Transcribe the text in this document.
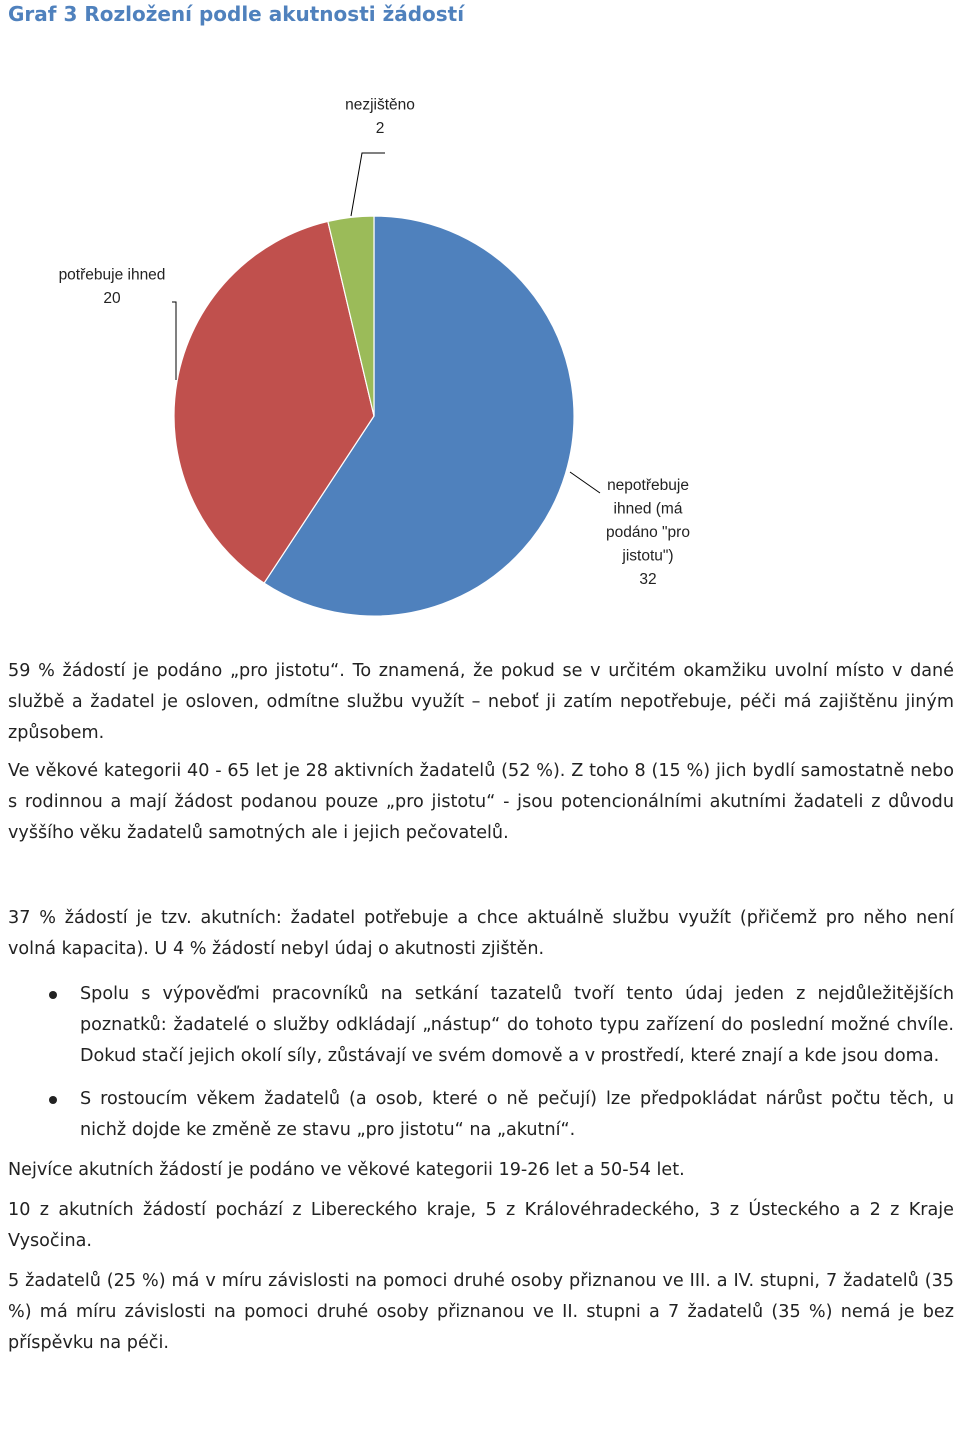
Graf 3 Rozložení podle akutnosti žádostí
nepotřebuje
ihned (má
podáno "pro
jistotu")
32
potřebuje ihned
20
nezjištěno
2

59 % žádostí je podáno „pro jistotu“. To znamená, že pokud se v určitém okamžiku uvolní místo v dané službě a žadatel je osloven, odmítne službu využít – neboť ji zatím nepotřebuje, péči má zajištěnu jiným způsobem.

Ve věkové kategorii 40 - 65 let je 28 aktivních žadatelů (52 %). Z toho 8 (15 %) jich bydlí samostatně nebo s rodinnou a mají žádost podanou pouze „pro jistotu“ - jsou potencionálními akutními žadateli z důvodu vyššího věku žadatelů samotných ale i jejich pečovatelů.

37 % žádostí je tzv. akutních: žadatel potřebuje a chce aktuálně službu využít (přičemž pro něho není volná kapacita). U 4 % žádostí nebyl údaj o akutnosti zjištěn.

Spolu s výpověďmi pracovníků na setkání tazatelů tvoří tento údaj jeden z nejdůležitějších poznatků: žadatelé o služby odkládají „nástup“ do tohoto typu zařízení do poslední možné chvíle. Dokud stačí jejich okolí síly, zůstávají ve svém domově a v prostředí, které znají a kde jsou doma.
S rostoucím věkem žadatelů (a osob, které o ně pečují) lze předpokládat nárůst počtu těch, u nichž dojde ke změně ze stavu „pro jistotu“ na „akutní“.

Nejvíce akutních žádostí je podáno ve věkové kategorii 19-26 let a 50-54 let.

10 z akutních žádostí pochází z Libereckého kraje, 5 z Královéhradeckého, 3 z Ústeckého a 2 z Kraje Vysočina.

5 žadatelů (25 %) má v míru závislosti na pomoci druhé osoby přiznanou ve III. a IV. stupni, 7 žadatelů (35 %) má míru závislosti na pomoci druhé osoby přiznanou ve II. stupni a 7 žadatelů (35 %) nemá je bez příspěvku na péči.
